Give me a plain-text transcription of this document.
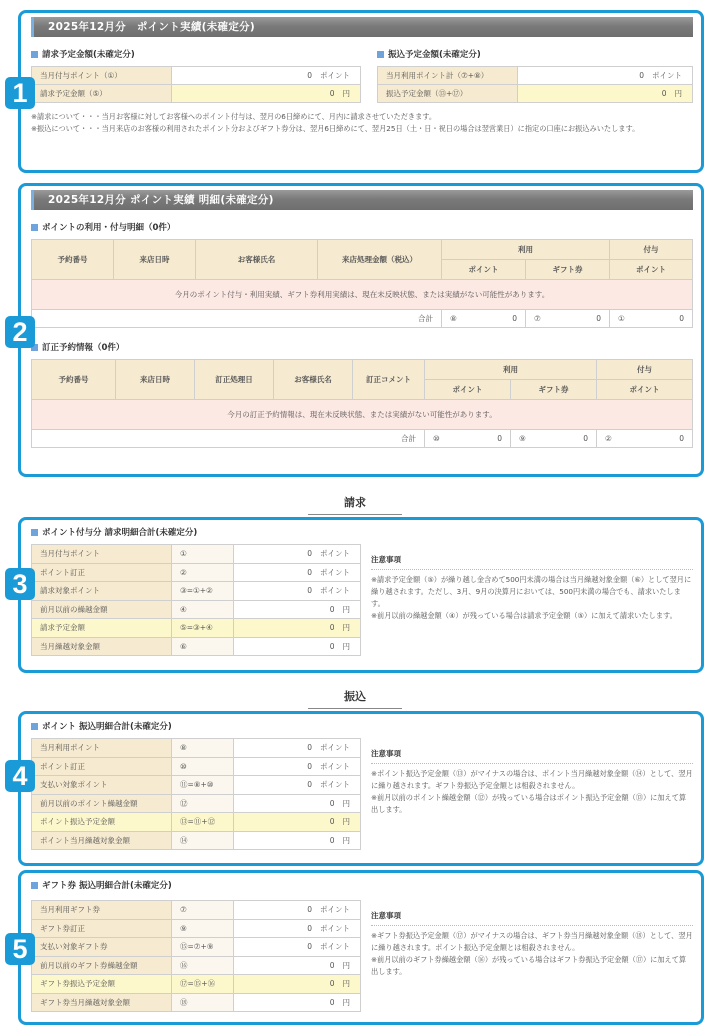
1
2025年12月分　ポイント実績(未確定分)
請求予定金額(未確定分)
当月付与ポイント（①）	0 ポイント
請求予定金額（⑤）	0 円
振込予定金額(未確定分)
当月利用ポイント計（⑦+⑧）	0 ポイント
振込予定金額（⑬+⑰）	0 円
※請求について・・・当月お客様に対してお客様へのポイント付与は、翌月の6日締めにて、月内に請求させていただきます。
※振込について・・・当月来店のお客様の利用されたポイント分およびギフト券分は、翌月6日締めにて、翌月25日（土・日・祝日の場合は翌営業日）に指定の口座にお振込みいたします。
2
2025年12月分 ポイント実績 明細(未確定分)
ポイントの利用・付与明細（0件）
予約番号	来店日時	お客様氏名	来店処理金額（税込）	利用		付与
				ポイント	ギフト券	ポイント
今月のポイント付与・利用実績、ギフト券利用実績は、現在未反映状態、または実績がない可能性があります。						
合計				⑧ 0	⑦ 0	① 0
訂正予約情報（0件）
予約番号	来店日時	訂正処理日	お客様氏名	訂正コメント	利用		付与
					ポイント	ギフト券	ポイント
今月の訂正予約情報は、現在未反映状態、または実績がない可能性があります。							
合計					⑩ 0	⑨ 0	② 0
請求
3
ポイント付与分 請求明細合計(未確定分)
当月付与ポイント	①	0 ポイント
ポイント訂正	②	0 ポイント
請求対象ポイント	③=①+②	0 ポイント
前月以前の繰越金額	④	0 円
請求予定金額	⑤=③+④	0 円
当月繰越対象金額	⑥	0 円
注意事項
※請求予定金額（⑤）が繰り越し金含めて500円未満の場合は当月繰越対象金額（⑥）として翌月に繰り越されます。ただし、3月、9月の決算月においては、500円未満の場合でも、請求いたします。
※前月以前の繰越金額（④）が残っている場合は請求予定金額（⑤）に加えて請求いたします。
振込
4
ポイント 振込明細合計(未確定分)
当月利用ポイント	⑧	0 ポイント
ポイント訂正	⑩	0 ポイント
支払い対象ポイント	⑪=⑧+⑩	0 ポイント
前月以前のポイント繰越金額	⑫	0 円
ポイント振込予定金額	⑬=⑪+⑫	0 円
ポイント当月繰越対象金額	⑭	0 円
注意事項
※ポイント振込予定金額（⑬）がマイナスの場合は、ポイント当月繰越対象金額（⑭）として、翌月に繰り越されます。ギフト券振込予定金額とは相殺されません。
※前月以前のポイント繰越金額（⑫）が残っている場合はポイント振込予定金額（⑬）に加えて算出します。
5
ギフト券 振込明細合計(未確定分)
当月利用ギフト券	⑦	0 ポイント
ギフト券訂正	⑨	0 ポイント
支払い対象ギフト券	⑮=⑦+⑨	0 ポイント
前月以前のギフト券繰越金額	⑯	0 円
ギフト券振込予定金額	⑰=⑮+⑯	0 円
ギフト券当月繰越対象金額	⑱	0 円
注意事項
※ギフト券振込予定金額（⑰）がマイナスの場合は、ギフト券当月繰越対象金額（⑱）として、翌月に繰り越されます。ポイント振込予定金額とは相殺されません。
※前月以前のギフト券繰越金額（⑯）が残っている場合はギフト券振込予定金額（⑰）に加えて算出します。
